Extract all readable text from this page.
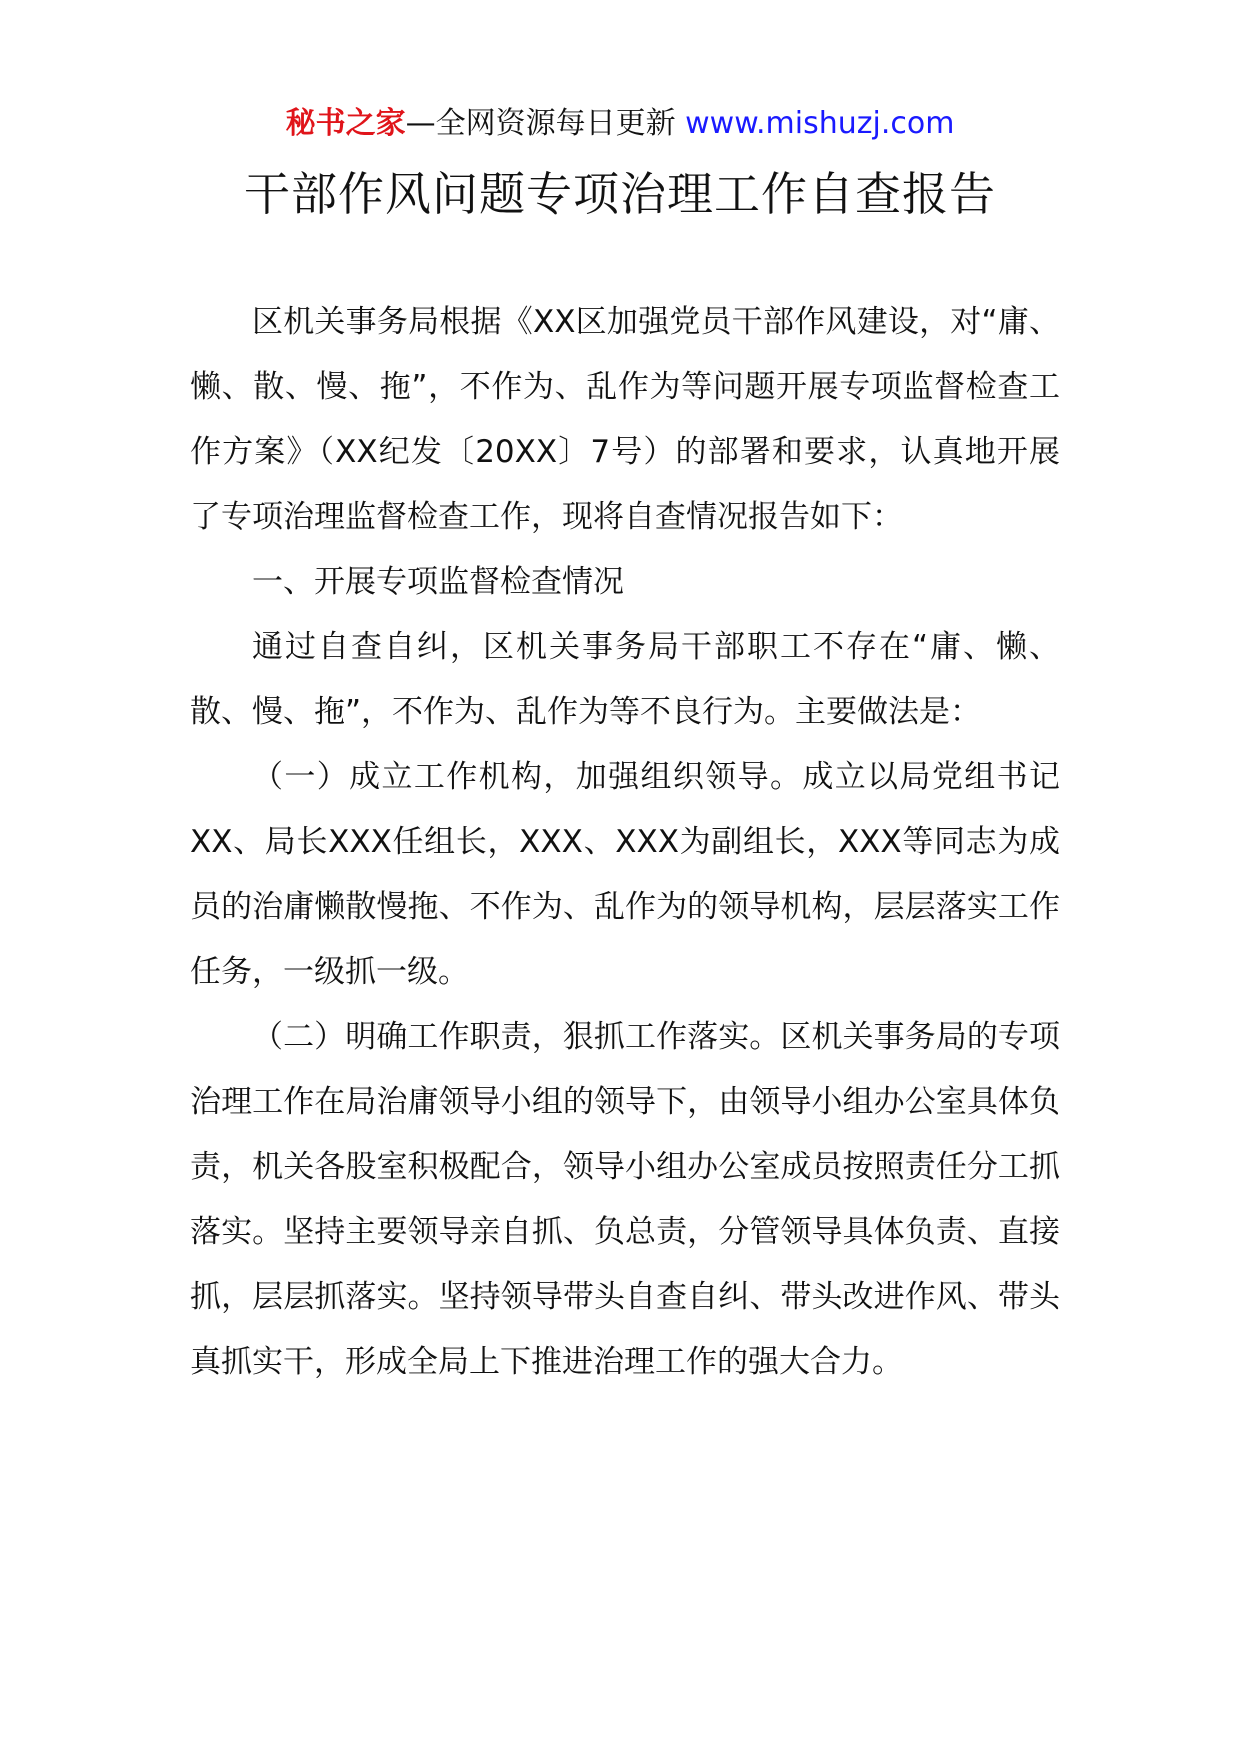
秘书之家—全网资源每日更新 www.mishuzj.com
干部作风问题专项治理工作自查报告

区机关事务局根据《XX区加强党员干部作风建设，对“庸、懒、散、慢、拖”，不作为、乱作为等问题开展专项监督检查工作方案》（XX纪发〔20XX〕7号）的部署和要求，认真地开展了专项治理监督检查工作，现将自查情况报告如下：

一、开展专项监督检查情况

通过自查自纠，区机关事务局干部职工不存在“庸、懒、散、慢、拖”，不作为、乱作为等不良行为。主要做法是：

（一）成立工作机构，加强组织领导。成立以局党组书记XX、局长XXX任组长，XXX、XXX为副组长，XXX等同志为成员的治庸懒散慢拖、不作为、乱作为的领导机构，层层落实工作任务，一级抓一级。

（二）明确工作职责，狠抓工作落实。区机关事务局的专项治理工作在局治庸领导小组的领导下，由领导小组办公室具体负责，机关各股室积极配合，领导小组办公室成员按照责任分工抓落实。坚持主要领导亲自抓、负总责，分管领导具体负责、直接抓，层层抓落实。坚持领导带头自查自纠、带头改进作风、带头真抓实干，形成全局上下推进治理工作的强大合力。
